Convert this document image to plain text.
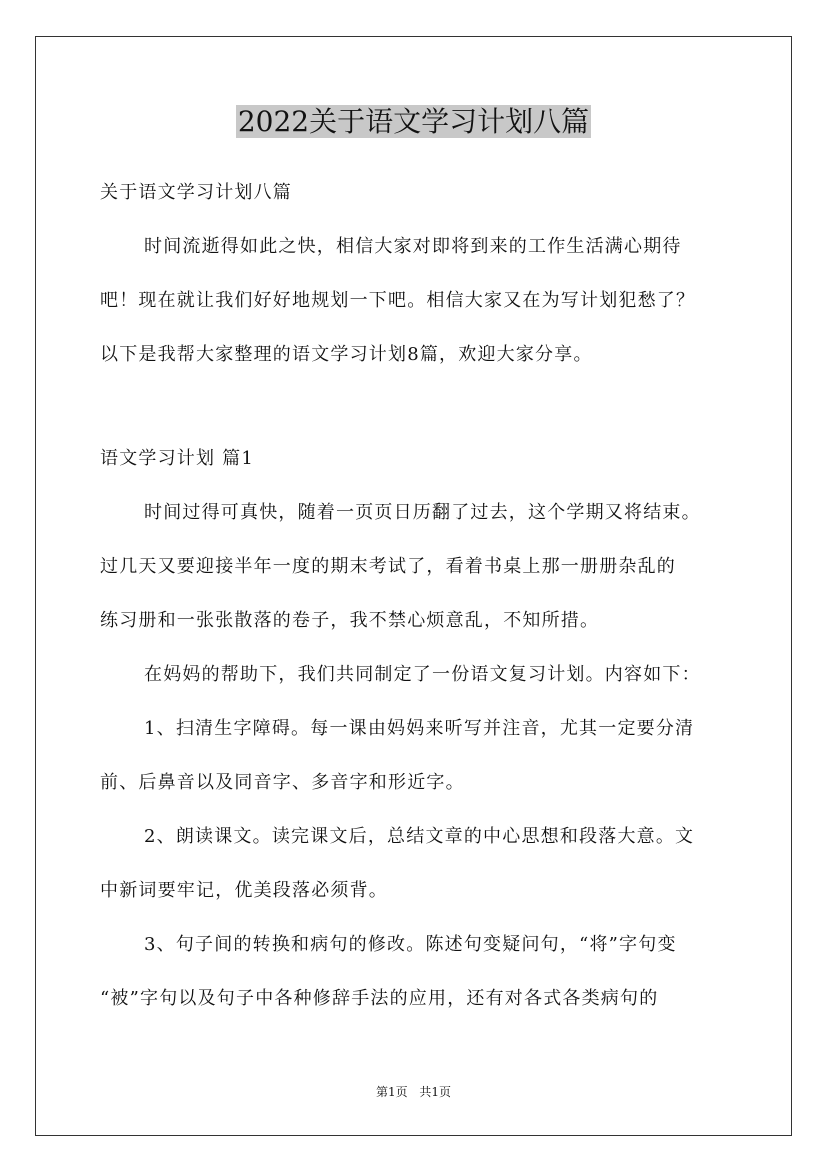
2022关于语文学习计划八篇
关于语文学习计划八篇
时间流逝得如此之快，相信大家对即将到来的工作生活满心期待
吧！现在就让我们好好地规划一下吧。相信大家又在为写计划犯愁了？
以下是我帮大家整理的语文学习计划8篇，欢迎大家分享。
语文学习计划 篇1
时间过得可真快，随着一页页日历翻了过去，这个学期又将结束。
过几天又要迎接半年一度的期末考试了，看着书桌上那一册册杂乱的
练习册和一张张散落的卷子，我不禁心烦意乱，不知所措。
在妈妈的帮助下，我们共同制定了一份语文复习计划。内容如下：
1、扫清生字障碍。每一课由妈妈来听写并注音，尤其一定要分清
前、后鼻音以及同音字、多音字和形近字。
2、朗读课文。读完课文后，总结文章的中心思想和段落大意。文
中新词要牢记，优美段落必须背。
3、句子间的转换和病句的修改。陈述句变疑问句，“将”字句变
“被”字句以及句子中各种修辞手法的应用，还有对各式各类病句的
第1页 共1页
